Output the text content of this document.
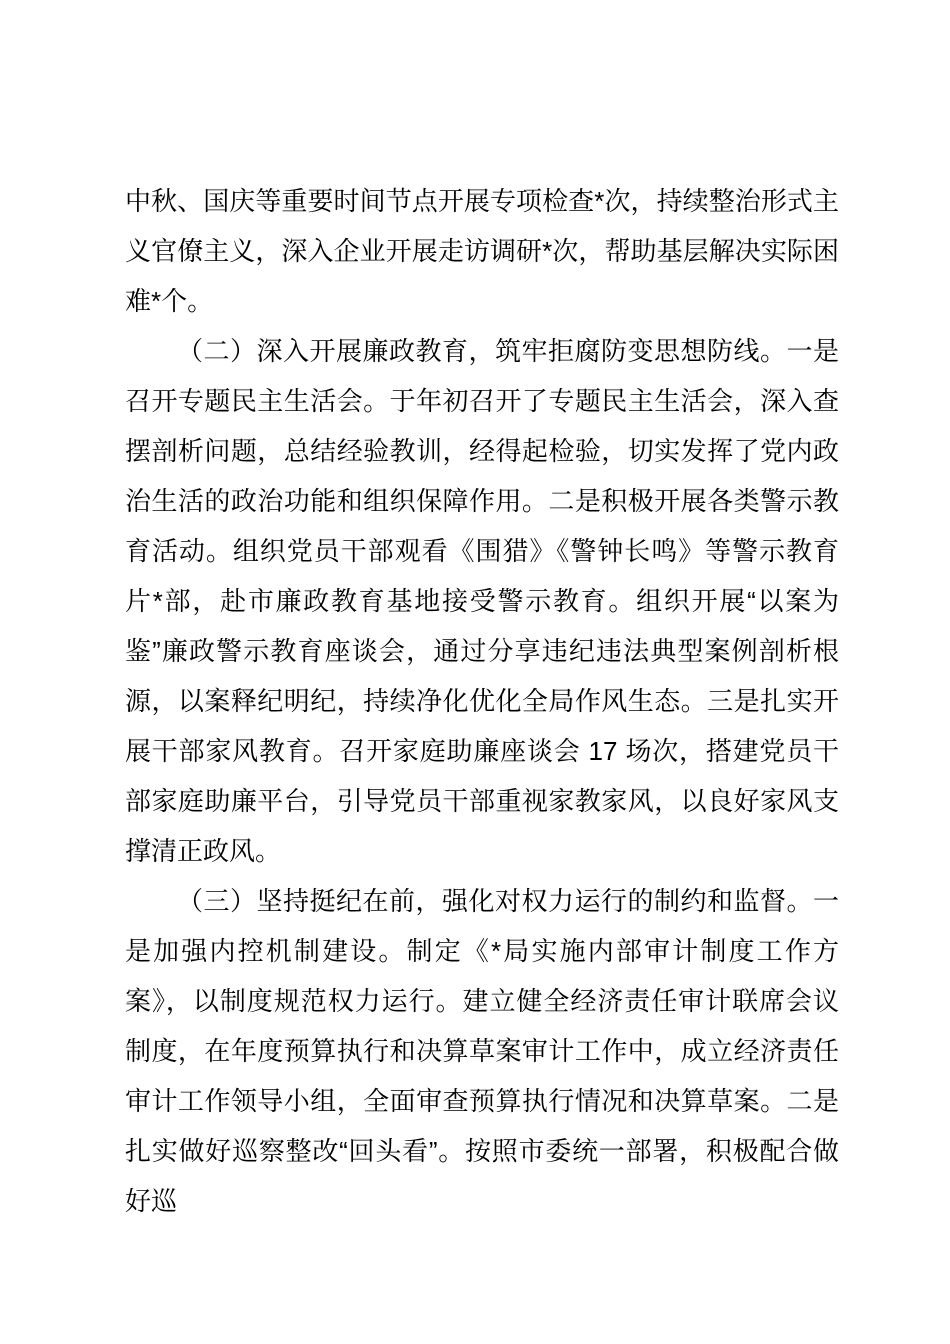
中秋、国庆等重要时间节点开展专项检查*次，持续整治形式主义官僚主义，深入企业开展走访调研*次，帮助基层解决实际困难*个。

（二）深入开展廉政教育，筑牢拒腐防变思想防线。一是召开专题民主生活会。于年初召开了专题民主生活会，深入查摆剖析问题，总结经验教训，经得起检验，切实发挥了党内政治生活的政治功能和组织保障作用。二是积极开展各类警示教育活动。组织党员干部观看《围猎》《警钟长鸣》等警示教育片*部，赴市廉政教育基地接受警示教育。组织开展“以案为鉴”廉政警示教育座谈会，通过分享违纪违法典型案例剖析根源，以案释纪明纪，持续净化优化全局作风生态。三是扎实开展干部家风教育。召开家庭助廉座谈会 17 场次，搭建党员干部家庭助廉平台，引导党员干部重视家教家风，以良好家风支撑清正政风。

（三）坚持挺纪在前，强化对权力运行的制约和监督。一是加强内控机制建设。制定《*局实施内部审计制度工作方案》，以制度规范权力运行。建立健全经济责任审计联席会议制度，在年度预算执行和决算草案审计工作中，成立经济责任审计工作领导小组，全面审查预算执行情况和决算草案。二是扎实做好巡察整改“回头看”。按照市委统一部署，积极配合做好巡
